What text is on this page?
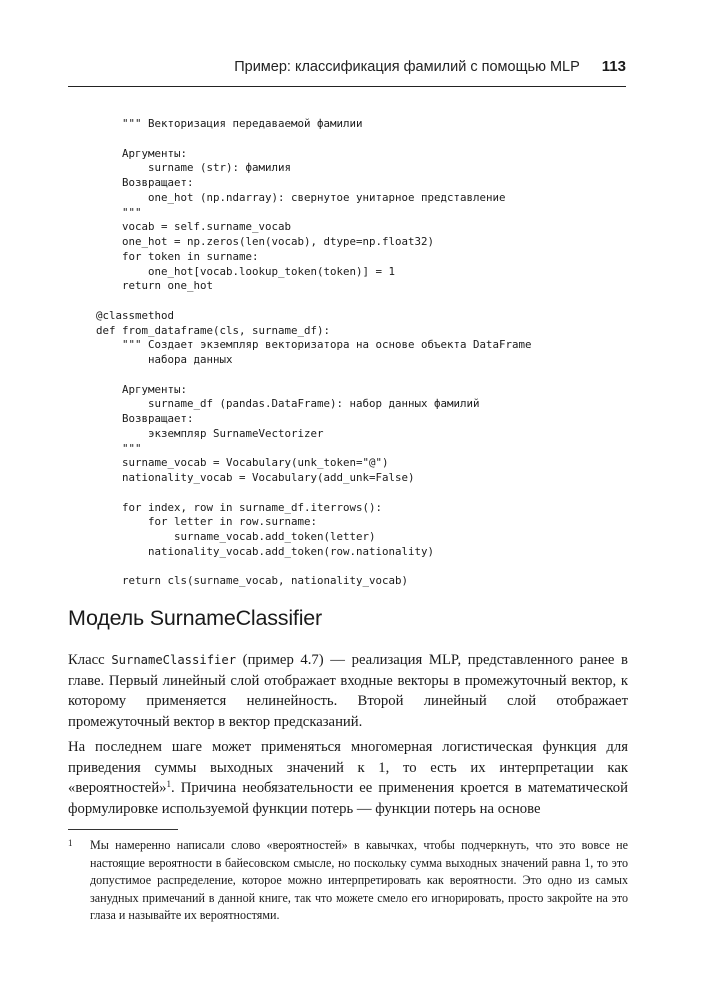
Пример: классификация фамилий с помощью MLP 113
""" Векторизация передаваемой фамилии

Аргументы:
surname (str): фамилия
Возвращает:
one_hot (np.ndarray): свернутое унитарное представление
"""
vocab = self.surname_vocab
one_hot = np.zeros(len(vocab), dtype=np.float32)
for token in surname:
one_hot[vocab.lookup_token(token)] = 1
return one_hot

@classmethod
def from_dataframe(cls, surname_df):
""" Создает экземпляр векторизатора на основе объекта DataFrame
набора данных

Аргументы:
surname_df (pandas.DataFrame): набор данных фамилий
Возвращает:
экземпляр SurnameVectorizer
"""
surname_vocab = Vocabulary(unk_token="@")
nationality_vocab = Vocabulary(add_unk=False)

for index, row in surname_df.iterrows():
for letter in row.surname:
surname_vocab.add_token(letter)
nationality_vocab.add_token(row.nationality)

return cls(surname_vocab, nationality_vocab)
Модель SurnameClassifier

Класс SurnameClassifier (пример 4.7) — реализация MLP, представленного ранее в главе. Первый линейный слой отображает входные векторы в промежуточный вектор, к которому применяется нелинейность. Второй линейный слой отображает промежуточный вектор в вектор предсказаний.

На последнем шаге может применяться многомерная логистическая функция для приведения суммы выходных значений к 1, то есть их интерпретации как «вероятностей»$^1$. Причина необязательности ее применения кроется в математической формулировке используемой функции потерь — функции потерь на основе

1 Мы намеренно написали слово «вероятностей» в кавычках, чтобы подчеркнуть, что это вовсе не настоящие вероятности в байесовском смысле, но поскольку сумма выходных значений равна 1, то это допустимое распределение, которое можно интерпретировать как вероятности. Это одно из самых занудных примечаний в данной книге, так что можете смело его игнорировать, просто закройте на это глаза и называйте их вероятностями.
